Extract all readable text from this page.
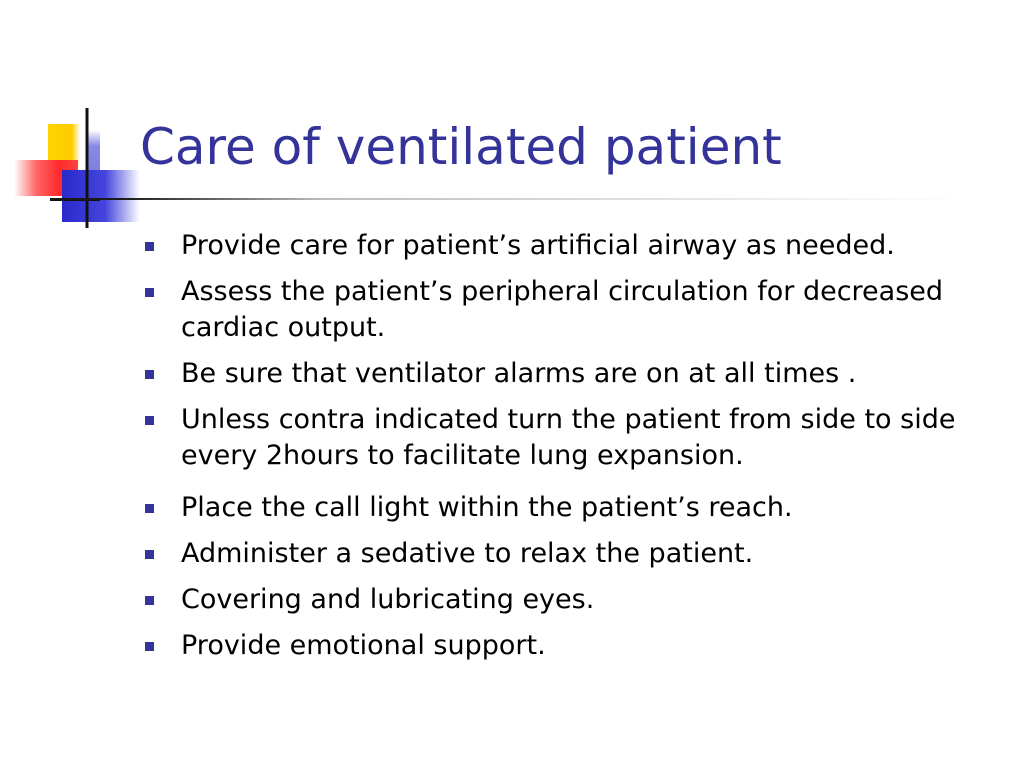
Care of ventilated patient
Provide care for patient’s artificial airway as needed.
Assess the patient’s peripheral circulation for decreased cardiac output.
Be sure that ventilator alarms are on at all times .
Unless contra indicated turn the patient from side to side every 2hours to facilitate lung expansion.
Place the call light within the patient’s reach.
Administer a sedative to relax the patient.
Covering and lubricating eyes.
Provide emotional support.
